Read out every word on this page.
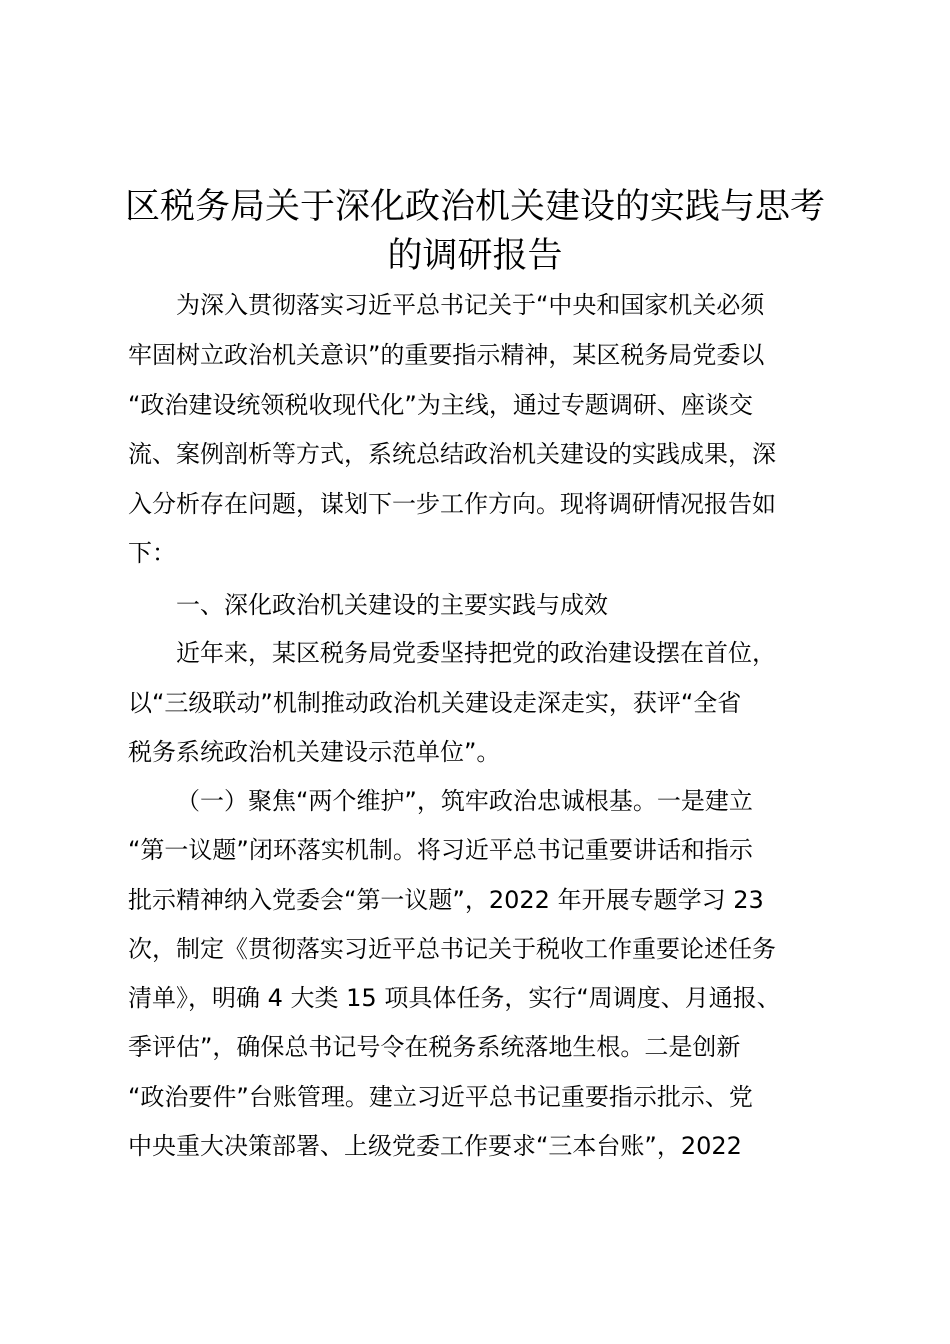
区税务局关于深化政治机关建设的实践与思考
的调研报告
为深入贯彻落实习近平总书记关于“中央和国家机关必须
牢固树立政治机关意识”的重要指示精神，某区税务局党委以
“政治建设统领税收现代化”为主线，通过专题调研、座谈交
流、案例剖析等方式，系统总结政治机关建设的实践成果，深
入分析存在问题，谋划下一步工作方向。现将调研情况报告如
下：
一、深化政治机关建设的主要实践与成效
近年来，某区税务局党委坚持把党的政治建设摆在首位，
以“三级联动”机制推动政治机关建设走深走实，获评“全省
税务系统政治机关建设示范单位”。
（一）聚焦“两个维护”，筑牢政治忠诚根基。一是建立
“第一议题”闭环落实机制。将习近平总书记重要讲话和指示
批示精神纳入党委会“第一议题”，2022 年开展专题学习 23
次，制定《贯彻落实习近平总书记关于税收工作重要论述任务
清单》，明确 4 大类 15 项具体任务，实行“周调度、月通报、
季评估”，确保总书记号令在税务系统落地生根。二是创新
“政治要件”台账管理。建立习近平总书记重要指示批示、党
中央重大决策部署、上级党委工作要求“三本台账”，2022
